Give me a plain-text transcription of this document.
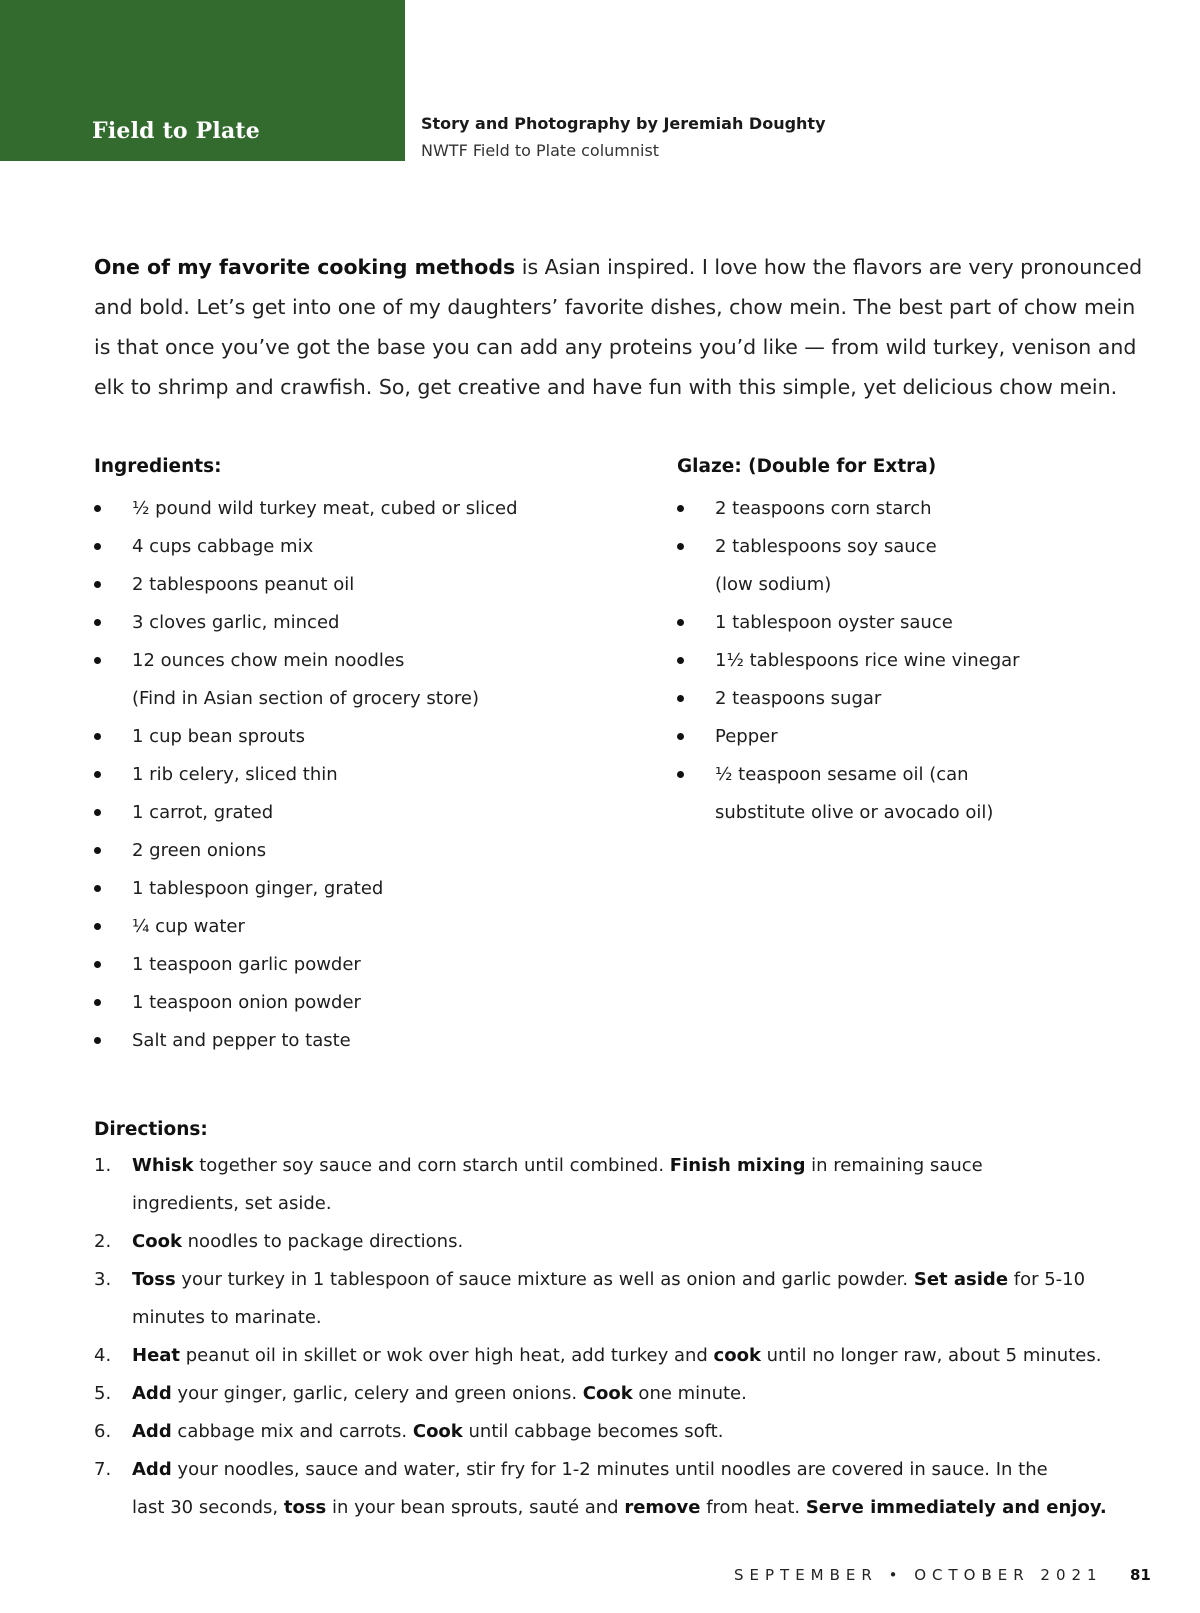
Field to Plate	Story and Photography by Jeremiah Doughty
NWTF Field to Plate columnist
One of my favorite cooking methods is Asian inspired. I love how the flavors are very pronounced and bold. Let’s get into one of my daughters’ favorite dishes, chow mein. The best part of chow mein is that once you’ve got the base you can add any proteins you’d like — from wild turkey, venison and elk to shrimp and crawfish. So, get creative and have fun with this simple, yet delicious chow mein.
Ingredients:
½ pound wild turkey meat, cubed or sliced
4 cups cabbage mix
2 tablespoons peanut oil
3 cloves garlic, minced
12 ounces chow mein noodles
(Find in Asian section of grocery store)
1 cup bean sprouts
1 rib celery, sliced thin
1 carrot, grated
2 green onions
1 tablespoon ginger, grated
¼ cup water
1 teaspoon garlic powder
1 teaspoon onion powder
Salt and pepper to taste
Glaze: (Double for Extra)
2 teaspoons corn starch
2 tablespoons soy sauce
(low sodium)
1 tablespoon oyster sauce
1½ tablespoons rice wine vinegar
2 teaspoons sugar
Pepper
½ teaspoon sesame oil (can
substitute olive or avocado oil)
Directions:
1. Whisk together soy sauce and corn starch until combined. Finish mixing in remaining sauce
ingredients, set aside.
2. Cook noodles to package directions.
3. Toss your turkey in 1 tablespoon of sauce mixture as well as onion and garlic powder. Set aside for 5-10
minutes to marinate.
4. Heat peanut oil in skillet or wok over high heat, add turkey and cook until no longer raw, about 5 minutes.
5. Add your ginger, garlic, celery and green onions. Cook one minute.
6. Add cabbage mix and carrots. Cook until cabbage becomes soft.
7. Add your noodles, sauce and water, stir fry for 1-2 minutes until noodles are covered in sauce. In the
last 30 seconds, toss in your bean sprouts, sauté and remove from heat. Serve immediately and enjoy.
SEPTEMBER • OCTOBER 2021 81
